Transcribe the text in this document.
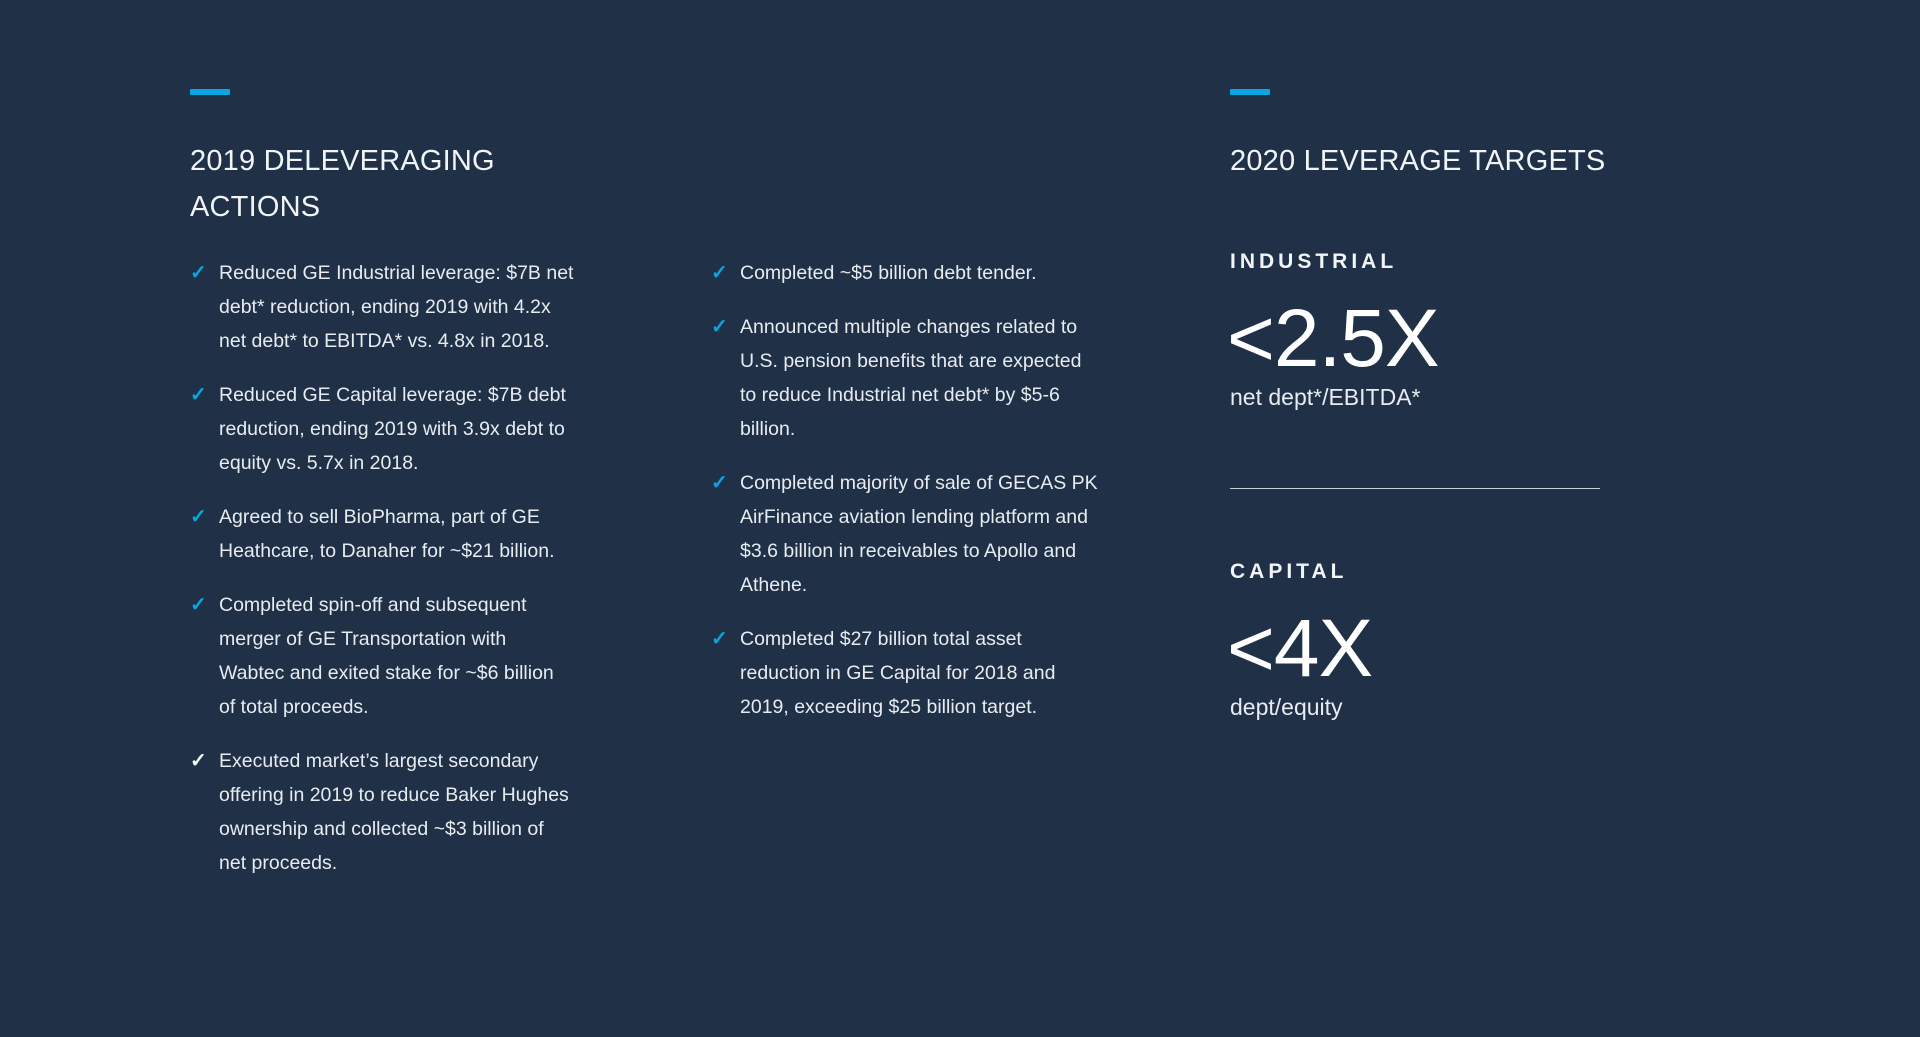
2019 DELEVERAGING
ACTIONS
✓ Reduced GE Industrial leverage: $7B net debt* reduction, ending 2019 with 4.2x net debt* to EBITDA* vs. 4.8x in 2018.
✓ Reduced GE Capital leverage: $7B debt reduction, ending 2019 with 3.9x debt to equity vs. 5.7x in 2018.
✓ Agreed to sell BioPharma, part of GE Heathcare, to Danaher for ~$21 billion.
✓ Completed spin-off and subsequent merger of GE Transportation with Wabtec and exited stake for ~$6 billion of total proceeds.
✓ Executed market’s largest secondary offering in 2019 to reduce Baker Hughes ownership and collected ~$3 billion of net proceeds.
✓ Completed ~$5 billion debt tender.
✓ Announced multiple changes related to U.S. pension benefits that are expected to reduce Industrial net debt* by $5-6 billion.
✓ Completed majority of sale of GECAS PK AirFinance aviation lending platform and $3.6 billion in receivables to Apollo and Athene.
✓ Completed $27 billion total asset reduction in GE Capital for 2018 and 2019, exceeding $25 billion target.
2020 LEVERAGE TARGETS
INDUSTRIAL

<2.5X

net dept*/EBITDA*

CAPITAL

<4X

dept/equity
